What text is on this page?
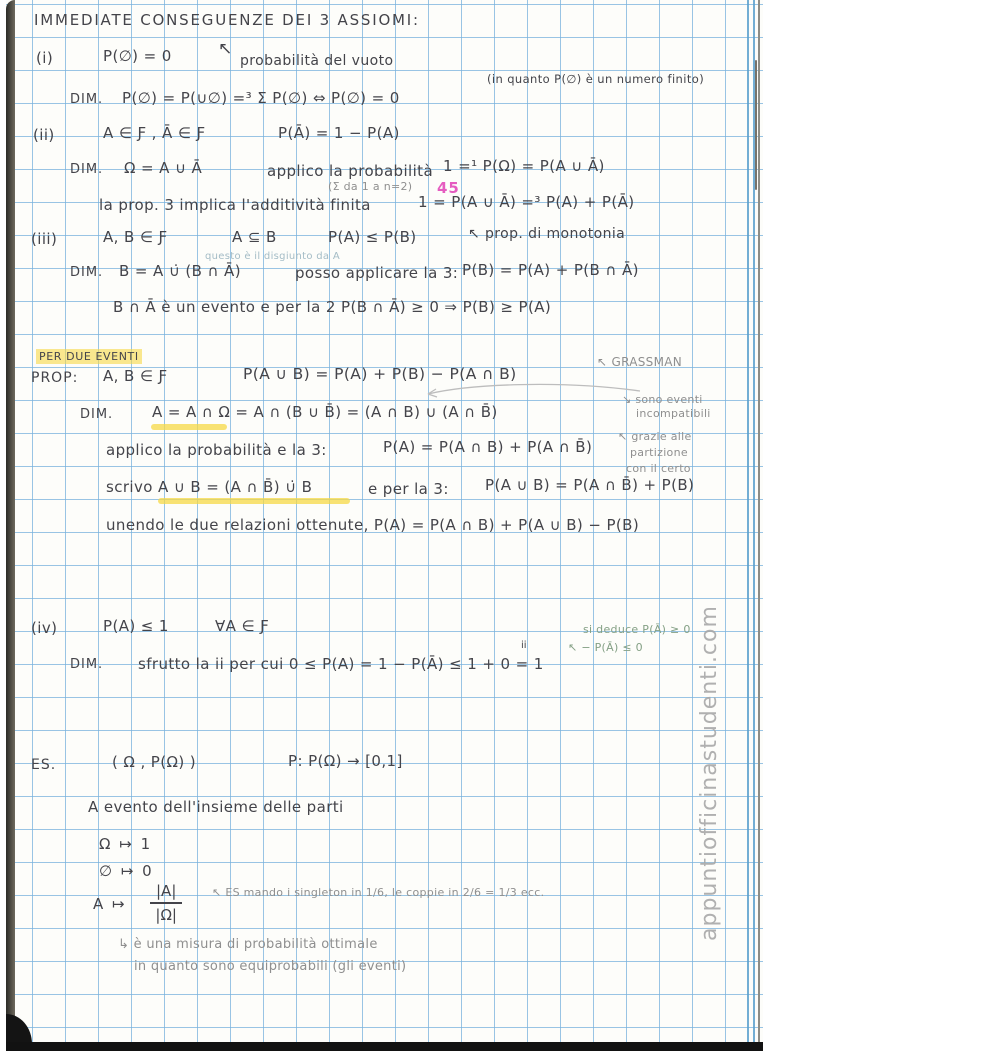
IMMEDIATE CONSEGUENZE DEI 3 ASSIOMI:
(i)	P(∅) = 0	↖
probabilità del vuoto
(in quanto P(∅) è un numero finito)
DIM. P(∅) = P(∪∅) =³ Σ P(∅) ⇔ P(∅) = 0
(ii)	A ∈ Ƒ , Ā ∈ Ƒ	P(Ā) = 1 − P(A)
DIM. Ω = A ∪ Ā	applico la probabilità 1 =¹ P(Ω) = P(A ∪ Ā)
(Σ da 1 a n=2) 45
la prop. 3 implica l'additività finita	1 = P(A ∪ Ā) =³ P(A) + P(Ā)
(iii)	A, B ∈ Ƒ	A ⊆ B	P(A) ≤ P(B)	↖ prop. di monotonia
questo è il disgiunto da A
DIM. B = A ∪̇ (B ∩ Ā)	posso applicare la 3: P(B) = P(A) + P(B ∩ Ā)
B ∩ Ā è un evento e per la 2 P(B ∩ Ā) ≥ 0 ⇒ P(B) ≥ P(A)
PER DUE EVENTI
PROP: A, B ∈ Ƒ	P(A ∪ B) = P(A) + P(B) − P(A ∩ B)
↖ GRASSMAN
↘ sono eventi
incompatibili
DIM.	A = A ∩ Ω = A ∩ (B ∪ B̄) = (A ∩ B) ∪ (A ∩ B̄)
applico la probabilità e la 3:	P(A) = P(A ∩ B) + P(A ∩ B̄)
↖ grazie alle
partizione
con il certo
scrivo A ∪ B = (A ∩ B̄) ∪̇ B	e per la 3: P(A ∪ B) = P(A ∩ B̄) + P(B)
unendo le due relazioni ottenute, P(A) = P(A ∩ B) + P(A ∪ B) − P(B)
(iv)	P(A) ≤ 1	∀A ∈ Ƒ	si deduce P(Ā) ≥ 0
↖ − P(Ā) ≤ 0
DIM.
ii
sfrutto la ii per cui 0 ≤ P(A) = 1 − P(Ā) ≤ 1 + 0 = 1
ES.	( Ω , P(Ω) )	P: P(Ω) → [0,1]
A evento dell'insieme delle parti
Ω ↦ 1
∅ ↦ 0
A ↦ $\frac{|A|}{|\Omega|}$	↖ ES mando i singleton in 1/6, le coppie in 2/6 = 1/3 ecc.
↳ è una misura di probabilità ottimale
in quanto sono equiprobabili (gli eventi)
appuntiofficinastudenti.com
